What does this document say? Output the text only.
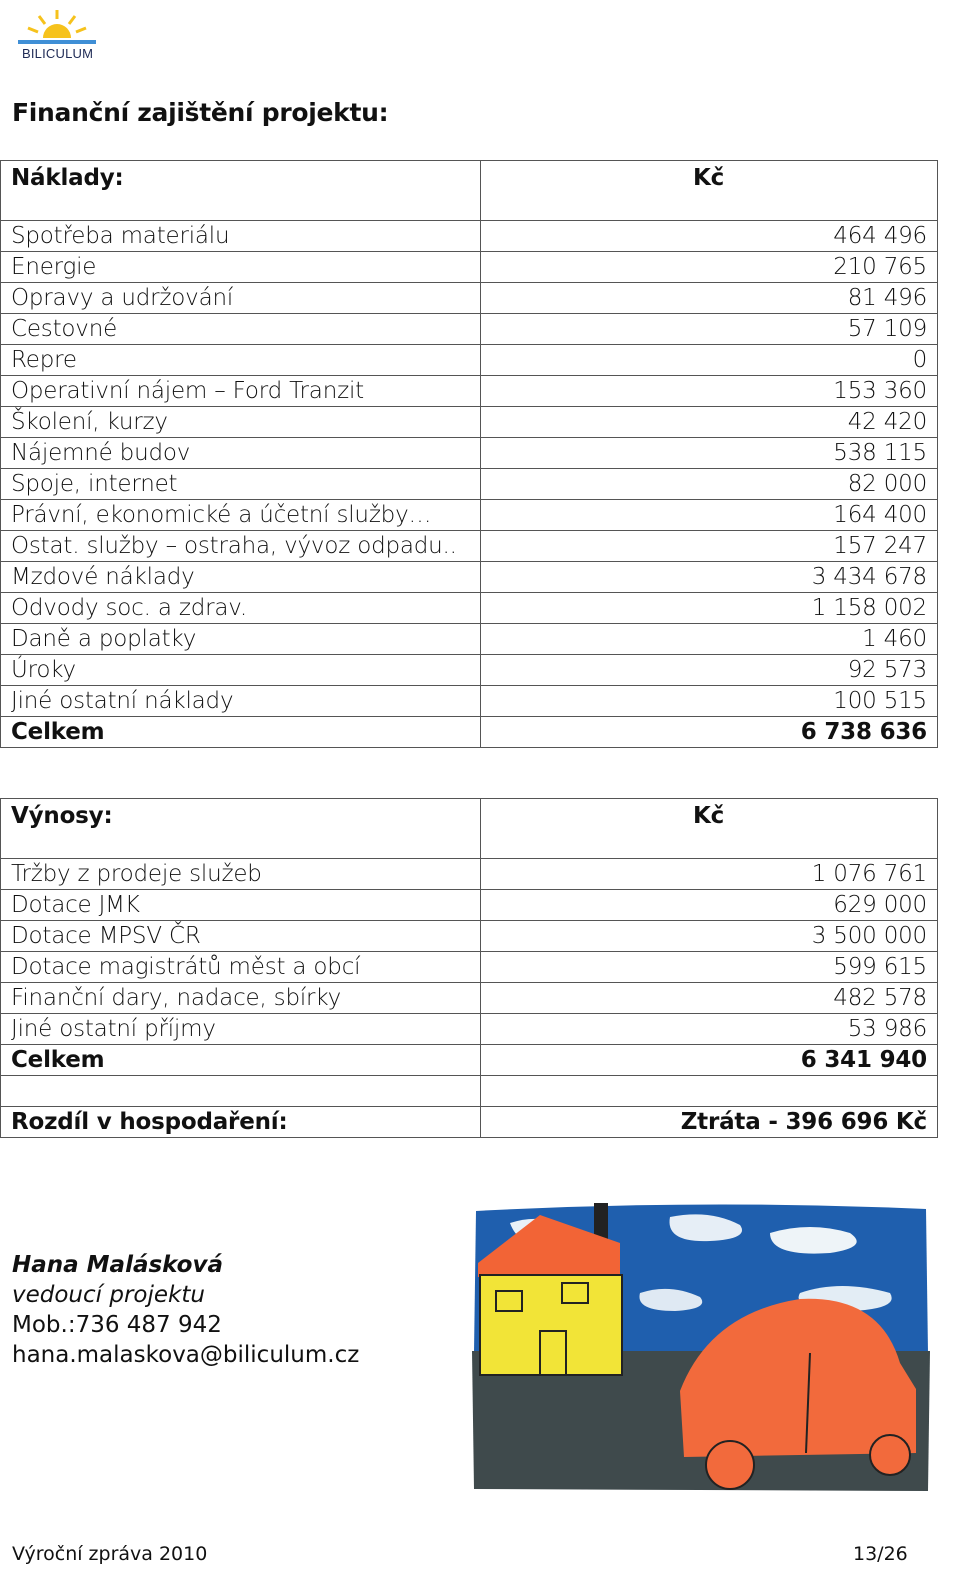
BILICULUM
Finanční zajištění projektu:
Náklady:	Kč
Spotřeba materiálu	464 496
Energie	210 765
Opravy a udržování	81 496
Cestovné	57 109
Repre	0
Operativní nájem – Ford Tranzit	153 360
Školení, kurzy	42 420
Nájemné budov	538 115
Spoje, internet	82 000
Právní, ekonomické a účetní služby…	164 400
Ostat. služby – ostraha, vývoz odpadu..	157 247
Mzdové náklady	3 434 678
Odvody soc. a zdrav.	1 158 002
Daně a poplatky	1 460
Úroky	92 573
Jiné ostatní náklady	100 515
Celkem	6 738 636
Výnosy:	Kč
Tržby z prodeje služeb	1 076 761
Dotace JMK	629 000
Dotace MPSV ČR	3 500 000
Dotace magistrátů měst a obcí	599 615
Finanční dary, nadace, sbírky	482 578
Jiné ostatní příjmy	53 986
Celkem	6 341 940

Rozdíl v hospodaření:	Ztráta - 396 696 Kč
Hana Malásková
vedoucí projektu
Mob.:736 487 942
hana.malaskova@biliculum.cz
Výroční zpráva 2010	13/26
